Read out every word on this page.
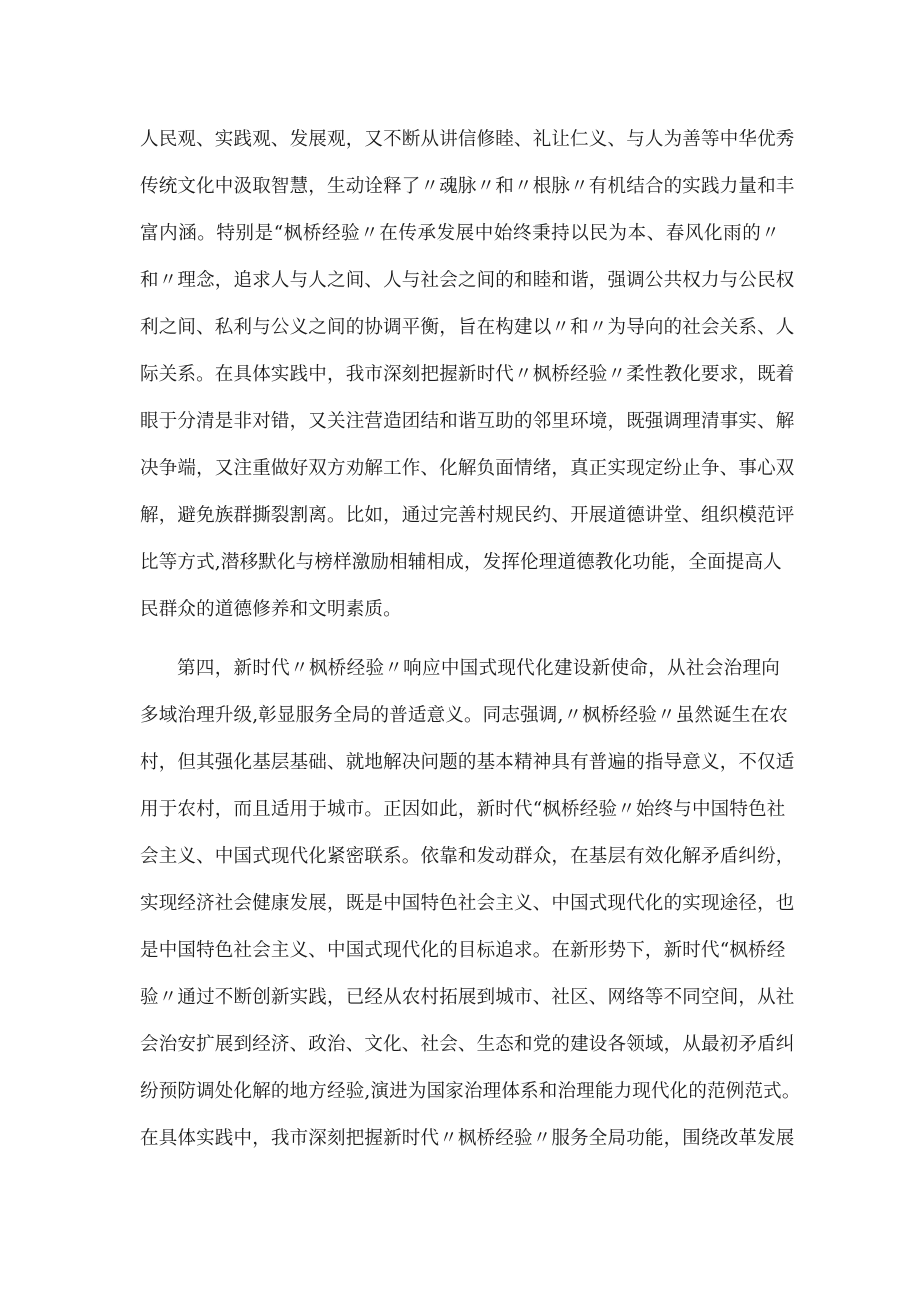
人民观、实践观、发展观，又不断从讲信修睦、礼让仁义、与人为善等中华优秀
传统文化中汲取智慧，生动诠释了〃魂脉〃和〃根脉〃有机结合的实践力量和丰
富内涵。特别是“枫桥经验〃在传承发展中始终秉持以民为本、春风化雨的〃
和〃理念，追求人与人之间、人与社会之间的和睦和谐，强调公共权力与公民权
利之间、私利与公义之间的协调平衡，旨在构建以〃和〃为导向的社会关系、人
际关系。在具体实践中，我市深刻把握新时代〃枫桥经验〃柔性教化要求，既着
眼于分清是非对错，又关注营造团结和谐互助的邻里环境，既强调理清事实、解
决争端，又注重做好双方劝解工作、化解负面情绪，真正实现定纷止争、事心双
解，避免族群撕裂割离。比如，通过完善村规民约、开展道德讲堂、组织模范评
比等方式,潜移默化与榜样激励相辅相成，发挥伦理道德教化功能，全面提高人
民群众的道德修养和文明素质。
第四，新时代〃枫桥经验〃响应中国式现代化建设新使命，从社会治理向
多域治理升级,彰显服务全局的普适意义。同志强调,〃枫桥经验〃虽然诞生在农
村，但其强化基层基础、就地解决问题的基本精神具有普遍的指导意义，不仅适
用于农村，而且适用于城市。正因如此，新时代“枫桥经验〃始终与中国特色社
会主义、中国式现代化紧密联系。依靠和发动群众，在基层有效化解矛盾纠纷，
实现经济社会健康发展，既是中国特色社会主义、中国式现代化的实现途径，也
是中国特色社会主义、中国式现代化的目标追求。在新形势下，新时代“枫桥经
验〃通过不断创新实践，已经从农村拓展到城市、社区、网络等不同空间，从社
会治安扩展到经济、政治、文化、社会、生态和党的建设各领域，从最初矛盾纠
纷预防调处化解的地方经验,演进为国家治理体系和治理能力现代化的范例范式。
在具体实践中，我市深刻把握新时代〃枫桥经验〃服务全局功能，围绕改革发展
